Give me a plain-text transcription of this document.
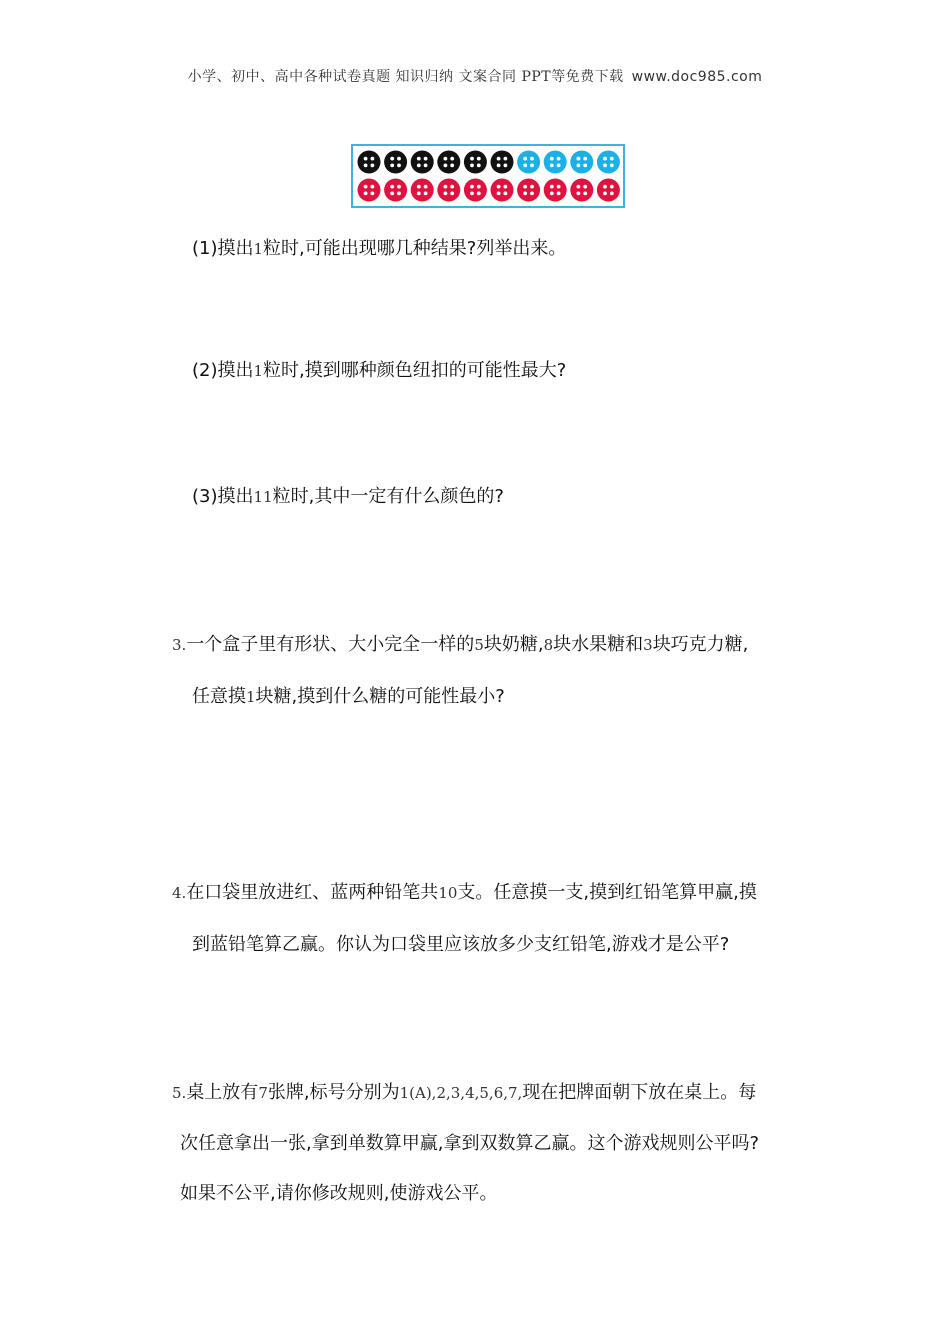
小学、初中、高中各种试卷真题 知识归纳 文案合同 PPT等免费下载 www.doc985.com
(1)摸出1粒时,可能出现哪几种结果?列举出来。
(2)摸出1粒时,摸到哪种颜色纽扣的可能性最大?
(3)摸出11粒时,其中一定有什么颜色的?
3.一个盒子里有形状、大小完全一样的5块奶糖,8块水果糖和3块巧克力糖,
任意摸1块糖,摸到什么糖的可能性最小?
4.在口袋里放进红、蓝两种铅笔共10支。任意摸一支,摸到红铅笔算甲赢,摸
到蓝铅笔算乙赢。你认为口袋里应该放多少支红铅笔,游戏才是公平?
5.桌上放有7张牌,标号分别为1(A),2,3,4,5,6,7,现在把牌面朝下放在桌上。每
次任意拿出一张,拿到单数算甲赢,拿到双数算乙赢。这个游戏规则公平吗?
如果不公平,请你修改规则,使游戏公平。
